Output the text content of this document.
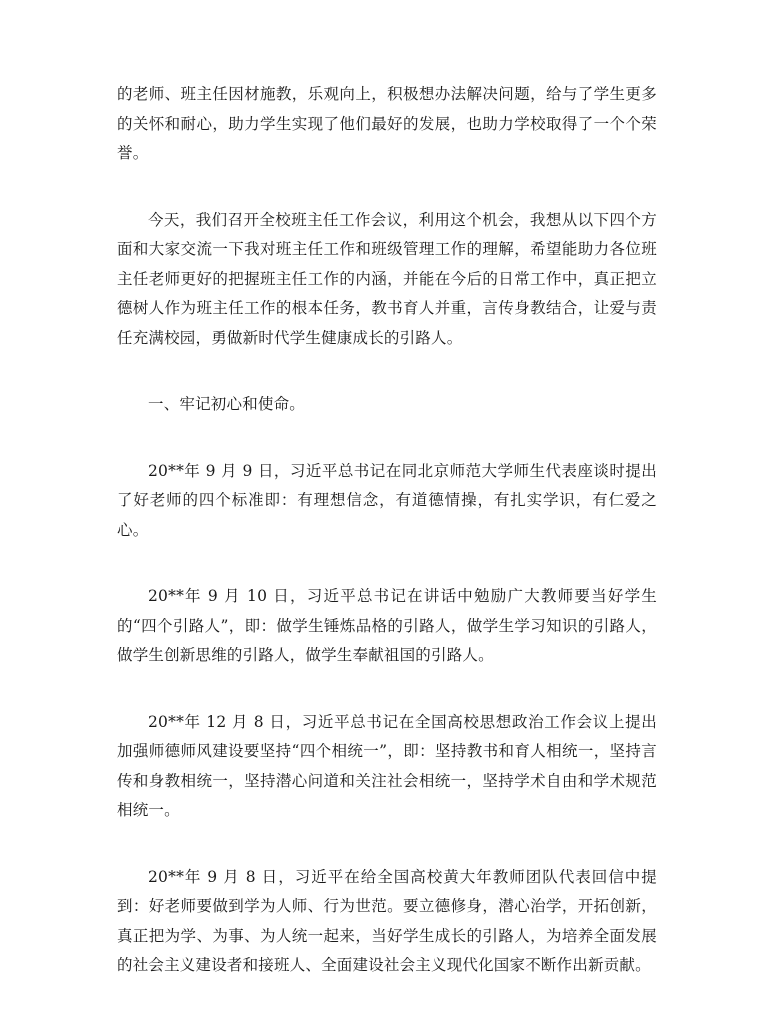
的老师、班主任因材施教，乐观向上，积极想办法解决问题，给与了学生更多的关怀和耐心，助力学生实现了他们最好的发展，也助力学校取得了一个个荣誉。

今天，我们召开全校班主任工作会议，利用这个机会，我想从以下四个方面和大家交流一下我对班主任工作和班级管理工作的理解，希望能助力各位班主任老师更好的把握班主任工作的内涵，并能在今后的日常工作中，真正把立德树人作为班主任工作的根本任务，教书育人并重，言传身教结合，让爱与责任充满校园，勇做新时代学生健康成长的引路人。

一、牢记初心和使命。

20**年 9 月 9 日，习近平总书记在同北京师范大学师生代表座谈时提出了好老师的四个标准即：有理想信念，有道德情操，有扎实学识，有仁爱之心。

20**年 9 月 10 日，习近平总书记在讲话中勉励广大教师要当好学生的“四个引路人”，即：做学生锤炼品格的引路人，做学生学习知识的引路人，做学生创新思维的引路人，做学生奉献祖国的引路人。

20**年 12 月 8 日，习近平总书记在全国高校思想政治工作会议上提出加强师德师风建设要坚持“四个相统一”，即：坚持教书和育人相统一，坚持言传和身教相统一，坚持潜心问道和关注社会相统一，坚持学术自由和学术规范相统一。

20**年 9 月 8 日，习近平在给全国高校黄大年教师团队代表回信中提到：好老师要做到学为人师、行为世范。要立德修身，潜心治学，开拓创新，真正把为学、为事、为人统一起来，当好学生成长的引路人，为培养全面发展的社会主义建设者和接班人、全面建设社会主义现代化国家不断作出新贡献。
